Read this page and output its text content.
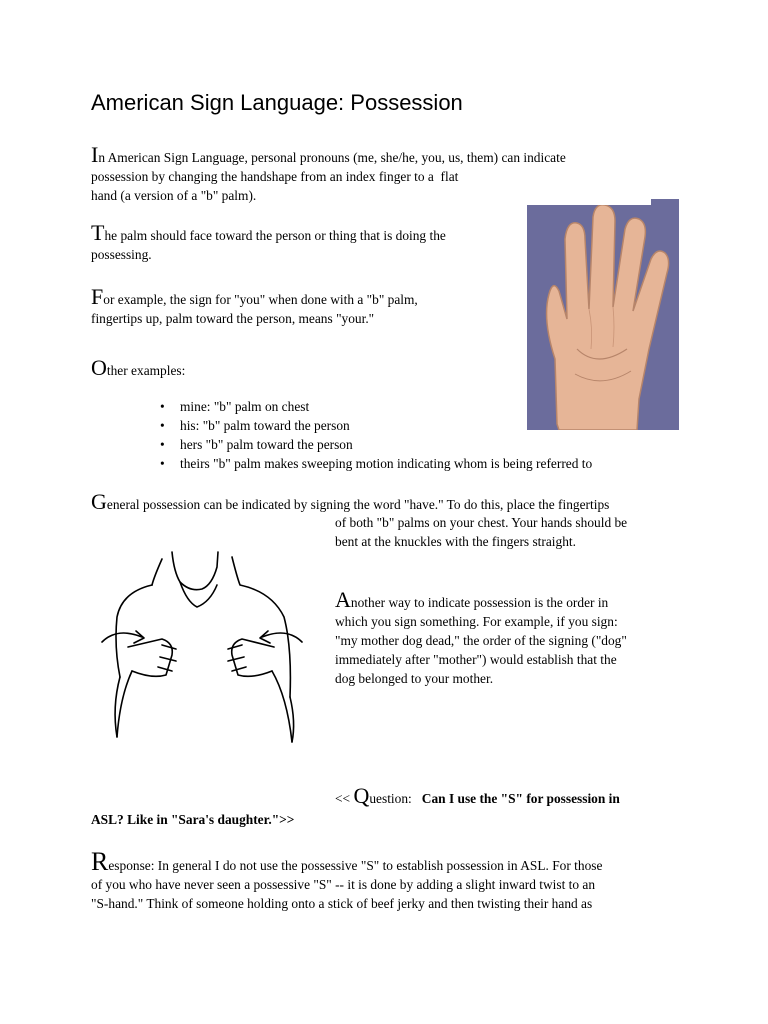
American Sign Language: Possession
In American Sign Language, personal pronouns (me, she/he, you, us, them) can indicate
possession by changing the handshape from an index finger to a  flat
hand (a version of a "b" palm).
The palm should face toward the person or thing that is doing the
possessing.
For example, the sign for "you" when done with a "b" palm,
fingertips up, palm toward the person, means "your."
Other examples:
• mine: "b" palm on chest
• his: "b" palm toward the person
• hers "b" palm toward the person
• theirs "b" palm makes sweeping motion indicating whom is being referred to
General possession can be indicated by signing the word "have." To do this, place the fingertips
of both "b" palms on your chest. Your hands should be
bent at the knuckles with the fingers straight.
Another way to indicate possession is the order in
which you sign something. For example, if you sign:
"my mother dog dead," the order of the signing ("dog"
immediately after "mother") would establish that the
dog belonged to your mother.
<< Question: Can I use the "S" for possession in
ASL? Like in "Sara's daughter.">>
Response: In general I do not use the possessive "S" to establish possession in ASL. For those
of you who have never seen a possessive "S" -- it is done by adding a slight inward twist to an
"S-hand." Think of someone holding onto a stick of beef jerky and then twisting their hand as
